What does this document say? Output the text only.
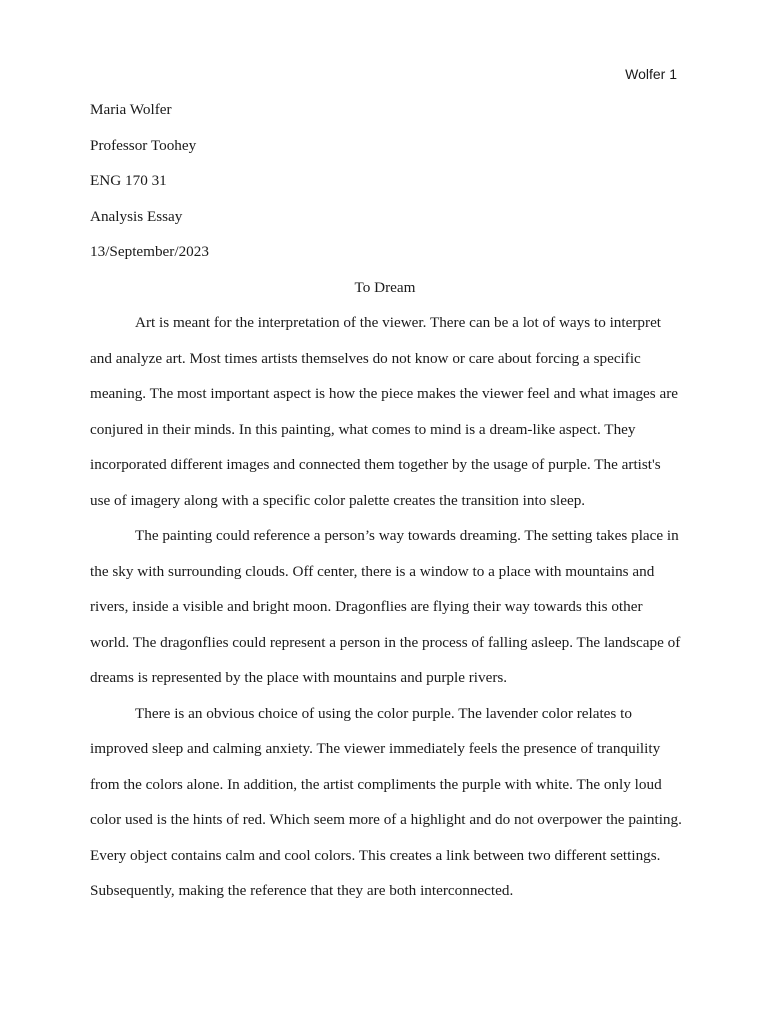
Wolfer 1

Maria Wolfer

Professor Toohey

ENG 170 31

Analysis Essay

13/September/2023

To Dream

Art is meant for the interpretation of the viewer. There can be a lot of ways to interpret
and analyze art. Most times artists themselves do not know or care about forcing a specific
meaning. The most important aspect is how the piece makes the viewer feel and what images are
conjured in their minds. In this painting, what comes to mind is a dream-like aspect. They
incorporated different images and connected them together by the usage of purple. The artist's
use of imagery along with a specific color palette creates the transition into sleep.

The painting could reference a person’s way towards dreaming. The setting takes place in
the sky with surrounding clouds. Off center, there is a window to a place with mountains and
rivers, inside a visible and bright moon. Dragonflies are flying their way towards this other
world. The dragonflies could represent a person in the process of falling asleep. The landscape of
dreams is represented by the place with mountains and purple rivers.

There is an obvious choice of using the color purple. The lavender color relates to
improved sleep and calming anxiety. The viewer immediately feels the presence of tranquility
from the colors alone. In addition, the artist compliments the purple with white. The only loud
color used is the hints of red. Which seem more of a highlight and do not overpower the painting.
Every object contains calm and cool colors. This creates a link between two different settings.
Subsequently, making the reference that they are both interconnected.
